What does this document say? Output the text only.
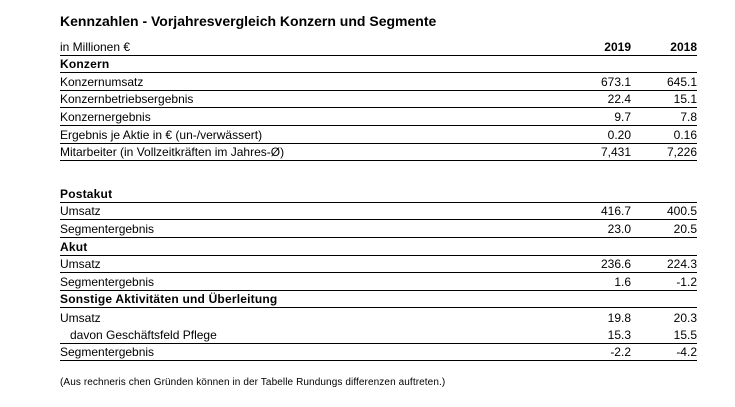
Kennzahlen - Vorjahresvergleich Konzern und Segmente
in Millionen €	2019	2018
Konzern
Konzernumsatz	673.1	645.1
Konzernbetriebsergebnis	22.4	15.1
Konzernergebnis	9.7	7.8
Ergebnis je Aktie in € (un-/verwässert)	0.20	0.16
Mitarbeiter (in Vollzeitkräften im Jahres-Ø)	7,431	7,226
Postakut
Umsatz	416.7	400.5
Segmentergebnis	23.0	20.5
Akut
Umsatz	236.6	224.3
Segmentergebnis	1.6	-1.2
Sonstige Aktivitäten und Überleitung
Umsatz	19.8	20.3
davon Geschäftsfeld Pflege	15.3	15.5
Segmentergebnis	-2.2	-4.2
(Aus rechneris chen Gründen können in der Tabelle Rundungs differenzen auftreten.)
